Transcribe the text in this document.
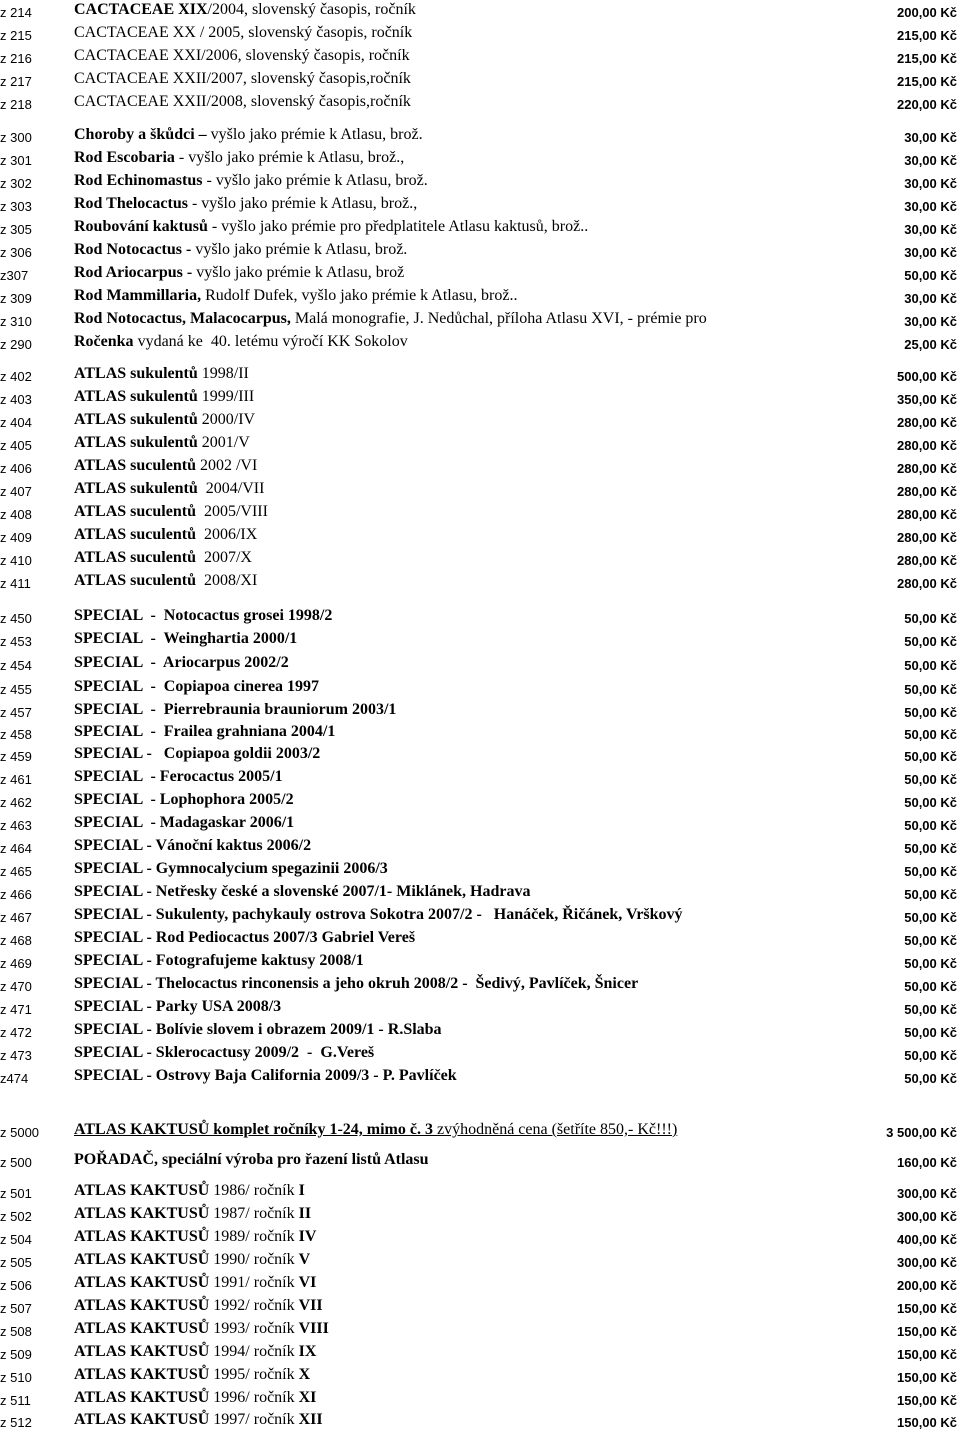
z 214	CACTACEAE XIX/2004, slovenský časopis, ročník	200,00 Kč
z 215	CACTACEAE XX / 2005, slovenský časopis, ročník	215,00 Kč
z 216	CACTACEAE XXI/2006, slovenský časopis, ročník	215,00 Kč
z 217	CACTACEAE XXII/2007, slovenský časopis,ročník	215,00 Kč
z 218	CACTACEAE XXII/2008, slovenský časopis,ročník	220,00 Kč
z 300	Choroby a škůdci – vyšlo jako prémie k Atlasu, brož.	30,00 Kč
z 301	Rod Escobaria - vyšlo jako prémie k Atlasu, brož.,	30,00 Kč
z 302	Rod Echinomastus - vyšlo jako prémie k Atlasu, brož.	30,00 Kč
z 303	Rod Thelocactus - vyšlo jako prémie k Atlasu, brož.,	30,00 Kč
z 305	Roubování kaktusů - vyšlo jako prémie pro předplatitele Atlasu kaktusů, brož..	30,00 Kč
z 306	Rod Notocactus - vyšlo jako prémie k Atlasu, brož.	30,00 Kč
z307	Rod Ariocarpus - vyšlo jako prémie k Atlasu, brož	50,00 Kč
z 309	Rod Mammillaria, Rudolf Dufek, vyšlo jako prémie k Atlasu, brož..	30,00 Kč
z 310	Rod Notocactus, Malacocarpus, Malá monografie, J. Nedůchal, příloha Atlasu XVI, - prémie pro	30,00 Kč
z 290	Ročenka vydaná ke  40. letému výročí KK Sokolov	25,00 Kč
z 402	ATLAS sukulentů 1998/II	500,00 Kč
z 403	ATLAS sukulentů 1999/III	350,00 Kč
z 404	ATLAS sukulentů 2000/IV	280,00 Kč
z 405	ATLAS sukulentů 2001/V	280,00 Kč
z 406	ATLAS suculentů 2002 /VI	280,00 Kč
z 407	ATLAS sukulentů  2004/VII	280,00 Kč
z 408	ATLAS suculentů  2005/VIII	280,00 Kč
z 409	ATLAS suculentů  2006/IX	280,00 Kč
z 410	ATLAS suculentů  2007/X	280,00 Kč
z 411	ATLAS suculentů  2008/XI	280,00 Kč
z 450	SPECIAL  -  Notocactus grosei 1998/2	50,00 Kč
z 453	SPECIAL  -  Weinghartia 2000/1	50,00 Kč
z 454	SPECIAL  -  Ariocarpus 2002/2	50,00 Kč
z 455	SPECIAL  -  Copiapoa cinerea 1997	50,00 Kč
z 457	SPECIAL  -  Pierrebraunia brauniorum 2003/1	50,00 Kč
z 458	SPECIAL  -  Frailea grahniana 2004/1	50,00 Kč
z 459	SPECIAL -   Copiapoa goldii 2003/2	50,00 Kč
z 461	SPECIAL  - Ferocactus 2005/1	50,00 Kč
z 462	SPECIAL  - Lophophora 2005/2	50,00 Kč
z 463	SPECIAL  - Madagaskar 2006/1	50,00 Kč
z 464	SPECIAL - Vánoční kaktus 2006/2	50,00 Kč
z 465	SPECIAL - Gymnocalycium spegazinii 2006/3	50,00 Kč
z 466	SPECIAL - Netřesky české a slovenské 2007/1- Miklánek, Hadrava	50,00 Kč
z 467	SPECIAL - Sukulenty, pachykauly ostrova Sokotra 2007/2 -   Hanáček, Řičánek, Vrškový	50,00 Kč
z 468	SPECIAL - Rod Pediocactus 2007/3 Gabriel Vereš	50,00 Kč
z 469	SPECIAL - Fotografujeme kaktusy 2008/1	50,00 Kč
z 470	SPECIAL - Thelocactus rinconensis a jeho okruh 2008/2 -  Šedivý, Pavlíček, Šnicer	50,00 Kč
z 471	SPECIAL - Parky USA 2008/3	50,00 Kč
z 472	SPECIAL - Bolívie slovem i obrazem 2009/1 - R.Slaba	50,00 Kč
z 473	SPECIAL - Sklerocactusy 2009/2  -  G.Vereš	50,00 Kč
z474	SPECIAL - Ostrovy Baja California 2009/3 - P. Pavlíček	50,00 Kč
z 5000 ATLAS KAKTUSŮ komplet ročníky 1-24, mimo č. 3 zvýhodněná cena (šetříte 850,- Kč!!!)	3 500,00 Kč
z 500	POŘADAČ, speciální výroba pro řazení listů Atlasu	160,00 Kč
z 501	ATLAS KAKTUSŮ 1986/ ročník I	300,00 Kč
z 502	ATLAS KAKTUSŮ 1987/ ročník II	300,00 Kč
z 504	ATLAS KAKTUSŮ 1989/ ročník IV	400,00 Kč
z 505	ATLAS KAKTUSŮ 1990/ ročník V	300,00 Kč
z 506	ATLAS KAKTUSŮ 1991/ ročník VI	200,00 Kč
z 507	ATLAS KAKTUSŮ 1992/ ročník VII	150,00 Kč
z 508	ATLAS KAKTUSŮ 1993/ ročník VIII	150,00 Kč
z 509	ATLAS KAKTUSŮ 1994/ ročník IX	150,00 Kč
z 510	ATLAS KAKTUSŮ 1995/ ročník X	150,00 Kč
z 511	ATLAS KAKTUSŮ 1996/ ročník XI	150,00 Kč
z 512	ATLAS KAKTUSŮ 1997/ ročník XII	150,00 Kč
